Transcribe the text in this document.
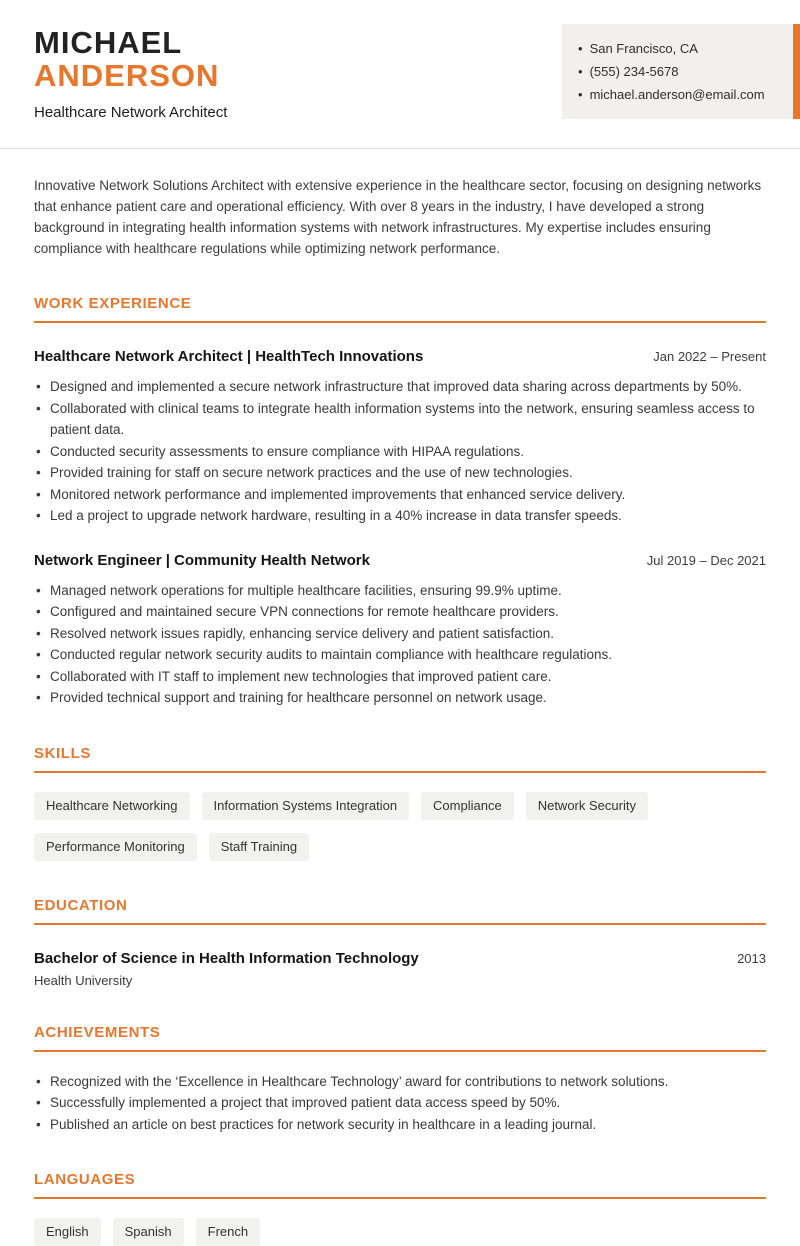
MICHAEL
ANDERSON
Healthcare Network Architect
• San Francisco, CA
• (555) 234-5678
• michael.anderson@email.com

Innovative Network Solutions Architect with extensive experience in the healthcare sector, focusing on designing networks that enhance patient care and operational efficiency. With over 8 years in the industry, I have developed a strong background in integrating health information systems with network infrastructures. My expertise includes ensuring compliance with healthcare regulations while optimizing network performance.

WORK EXPERIENCE
Healthcare Network Architect | HealthTech Innovations	Jan 2022 – Present
• Designed and implemented a secure network infrastructure that improved data sharing across departments by 50%.
• Collaborated with clinical teams to integrate health information systems into the network, ensuring seamless access to patient data.
• Conducted security assessments to ensure compliance with HIPAA regulations.
• Provided training for staff on secure network practices and the use of new technologies.
• Monitored network performance and implemented improvements that enhanced service delivery.
• Led a project to upgrade network hardware, resulting in a 40% increase in data transfer speeds.
Network Engineer | Community Health Network	Jul 2019 – Dec 2021
• Managed network operations for multiple healthcare facilities, ensuring 99.9% uptime.
• Configured and maintained secure VPN connections for remote healthcare providers.
• Resolved network issues rapidly, enhancing service delivery and patient satisfaction.
• Conducted regular network security audits to maintain compliance with healthcare regulations.
• Collaborated with IT staff to implement new technologies that improved patient care.
• Provided technical support and training for healthcare personnel on network usage.
SKILLS
Healthcare Networking	Information Systems Integration	Compliance	Network Security
Performance Monitoring	Staff Training
EDUCATION
Bachelor of Science in Health Information Technology	2013
Health University
ACHIEVEMENTS
• Recognized with the ‘Excellence in Healthcare Technology’ award for contributions to network solutions.
• Successfully implemented a project that improved patient data access speed by 50%.
• Published an article on best practices for network security in healthcare in a leading journal.
LANGUAGES
English	Spanish	French
